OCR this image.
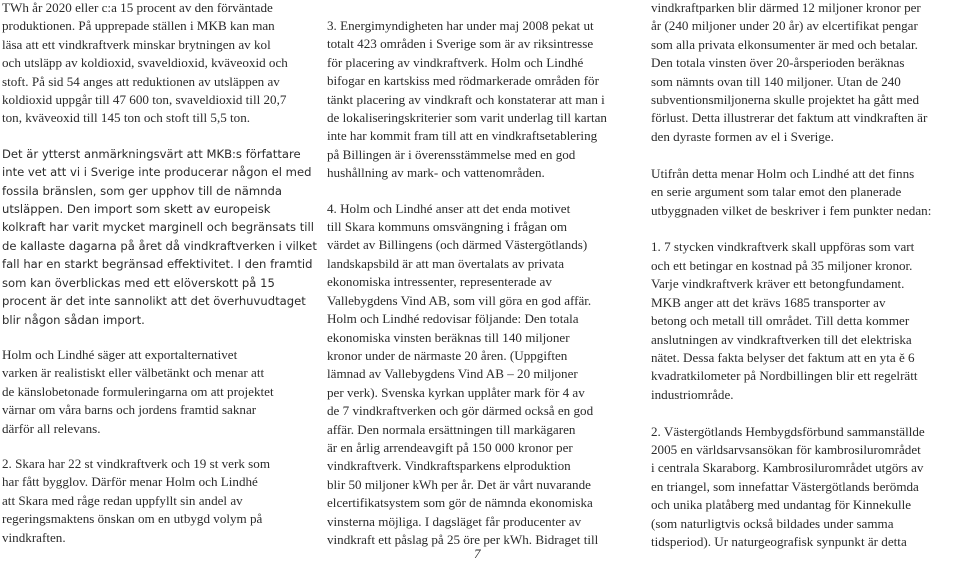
TWh år 2020 eller c:a 15 procent av den förväntade
produktionen. På upprepade ställen i MKB kan man
läsa att ett vindkraftverk minskar brytningen av kol
och utsläpp av koldioxid, svaveldioxid, kväveoxid och
stoft. På sid 54 anges att reduktionen av utsläppen av
koldioxid uppgår till 47 600 ton, svaveldioxid till 20,7
ton, kväveoxid till 145 ton och stoft till 5,5 ton.

Det är ytterst anmärkningsvärt att MKB:s författare
inte vet att vi i Sverige inte producerar någon el med
fossila bränslen, som ger upphov till de nämnda
utsläppen. Den import som skett av europeisk
kolkraft har varit mycket marginell och begränsats till
de kallaste dagarna på året då vindkraftverken i vilket
fall har en starkt begränsad effektivitet. I den framtid
som kan överblickas med ett elöverskott på 15
procent är det inte sannolikt att det överhuvudtaget
blir någon sådan import.

Holm och Lindhé säger att exportalternativet
varken är realistiskt eller välbetänkt och menar att
de känslobetonade formuleringarna om att projektet
värnar om våra barns och jordens framtid saknar
därför all relevans.

2. Skara har 22 st vindkraftverk och 19 st verk som
har fått bygglov. Därför menar Holm och Lindhé
att Skara med råge redan uppfyllt sin andel av
regeringsmaktens önskan om en utbygd volym på
vindkraften.

3. Energimyndigheten har under maj 2008 pekat ut
totalt 423 områden i Sverige som är av riksintresse
för placering av vindkraftverk. Holm och Lindhé
bifogar en kartskiss med rödmarkerade områden för
tänkt placering av vindkraft och konstaterar att man i
de lokaliseringskriterier som varit underlag till kartan
inte har kommit fram till att en vindkraftsetablering
på Billingen är i överensstämmelse med en god
hushållning av mark- och vattenområden.

4. Holm och Lindhé anser att det enda motivet
till Skara kommuns omsvängning i frågan om
värdet av Billingens (och därmed Västergötlands)
landskapsbild är att man övertalats av privata
ekonomiska intressenter, representerade av
Vallebygdens Vind AB, som vill göra en god affär.
Holm och Lindhé redovisar följande: Den totala
ekonomiska vinsten beräknas till 140 miljoner
kronor under de närmaste 20 åren. (Uppgiften
lämnad av Vallebygdens Vind AB – 20 miljoner
per verk). Svenska kyrkan upplåter mark för 4 av
de 7 vindkraftverken och gör därmed också en god
affär. Den normala ersättningen till markägaren
är en årlig arrendeavgift på 150 000 kronor per
vindkraftverk. Vindkraftsparkens elproduktion
blir 50 miljoner kWh per år. Det är vårt nuvarande
elcertifikatsystem som gör de nämnda ekonomiska
vinsterna möjliga. I dagsläget får producenter av
vindkraft ett påslag på 25 öre per kWh. Bidraget till

vindkraftparken blir därmed 12 miljoner kronor per
år (240 miljoner under 20 år) av elcertifikat pengar
som alla privata elkonsumenter är med och betalar.
Den totala vinsten över 20-årsperioden beräknas
som nämnts ovan till 140 miljoner. Utan de 240
subventionsmiljonerna skulle projektet ha gått med
förlust. Detta illustrerar det faktum att vindkraften är
den dyraste formen av el i Sverige.

Utifrån detta menar Holm och Lindhé att det finns
en serie argument som talar emot den planerade
utbyggnaden vilket de beskriver i fem punkter nedan:

1. 7 stycken vindkraftverk skall uppföras som vart
och ett betingar en kostnad på 35 miljoner kronor.
Varje vindkraftverk kräver ett betongfundament.
MKB anger att det krävs 1685 transporter av
betong och metall till området. Till detta kommer
anslutningen av vindkraftverken till det elektriska
nätet. Dessa fakta belyser det faktum att en yta ě 6
kvadratkilometer på Nordbillingen blir ett regelrätt
industriområde.

2. Västergötlands Hembygdsförbund sammanställde
2005 en världsarvsansökan för kambrosilurområdet
i centrala Skaraborg. Kambrosilurområdet utgörs av
en triangel, som innefattar Västergötlands berömda
och unika platåberg med undantag för Kinnekulle
(som naturligtvis också bildades under samma
tidsperiod). Ur naturgeografisk synpunkt är detta

7
